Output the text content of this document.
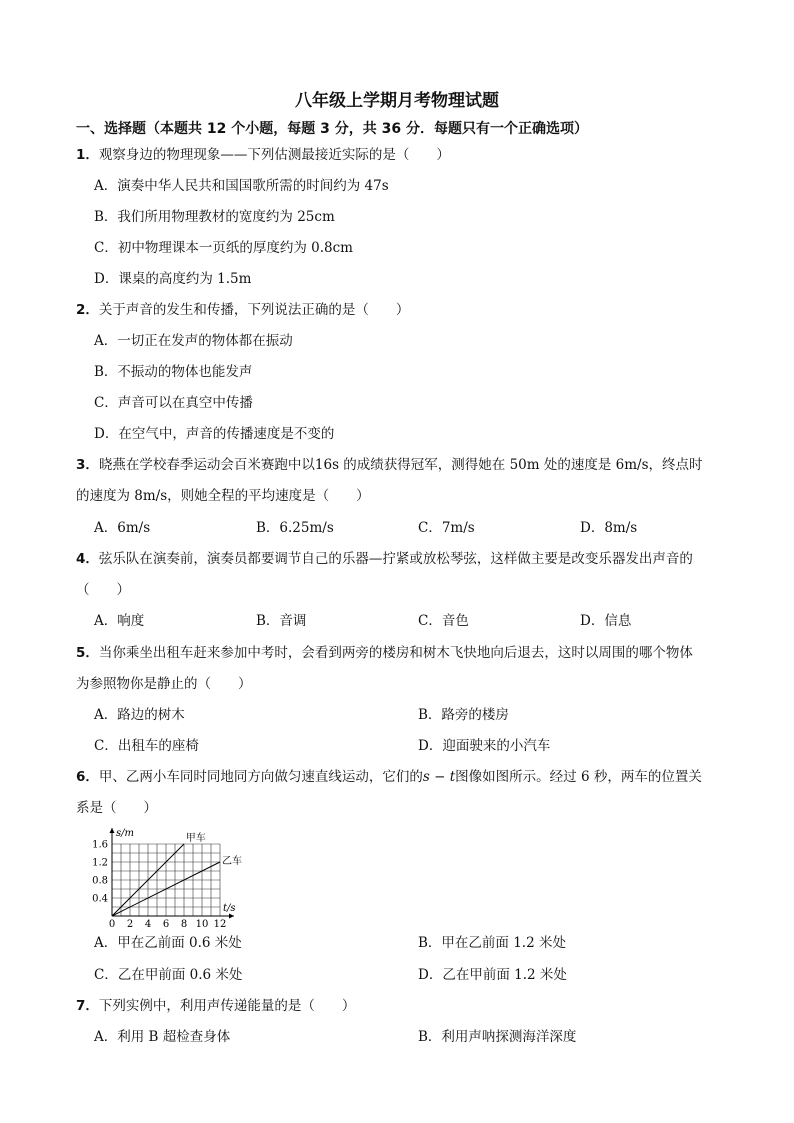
八年级上学期月考物理试题
一、选择题（本题共 12 个小题，每题 3 分，共 36 分．每题只有一个正确选项）
1．观察身边的物理现象——下列估测最接近实际的是（　　）
A．演奏中华人民共和国国歌所需的时间约为 47s
B．我们所用物理教材的宽度约为 25cm
C．初中物理课本一页纸的厚度约为 0.8cm
D．课桌的高度约为 1.5m
2．关于声音的发生和传播，下列说法正确的是（　　）
A．一切正在发声的物体都在振动
B．不振动的物体也能发声
C．声音可以在真空中传播
D．在空气中，声音的传播速度是不变的
3．晓燕在学校春季运动会百米赛跑中以16s 的成绩获得冠军，测得她在 50m 处的速度是 6m/s，终点时
的速度为 8m/s，则她全程的平均速度是（　　）
A．6m/s	B．6.25m/s	C．7m/s	D．8m/s
4．弦乐队在演奏前，演奏员都要调节自己的乐器—拧紧或放松琴弦，这样做主要是改变乐器发出声音的
（　　）
A．响度	B．音调	C．音色	D．信息
5．当你乘坐出租车赶来参加中考时，会看到两旁的楼房和树木飞快地向后退去，这时以周围的哪个物体
为参照物你是静止的（　　）
A．路边的树木	B．路旁的楼房
C．出租车的座椅	D．迎面驶来的小汽车
6．甲、乙两小车同时同地同方向做匀速直线运动，它们的s − t图像如图所示。经过 6 秒，两车的位置关
系是（　　）
0 2 4 6 8 10 12
0.4
0.8
1.2
1.6
s/m
t/s
甲车
乙车
A．甲在乙前面 0.6 米处	B．甲在乙前面 1.2 米处
C．乙在甲前面 0.6 米处	D．乙在甲前面 1.2 米处
7．下列实例中，利用声传递能量的是（　　）
A．利用 B 超检查身体	B．利用声呐探测海洋深度
